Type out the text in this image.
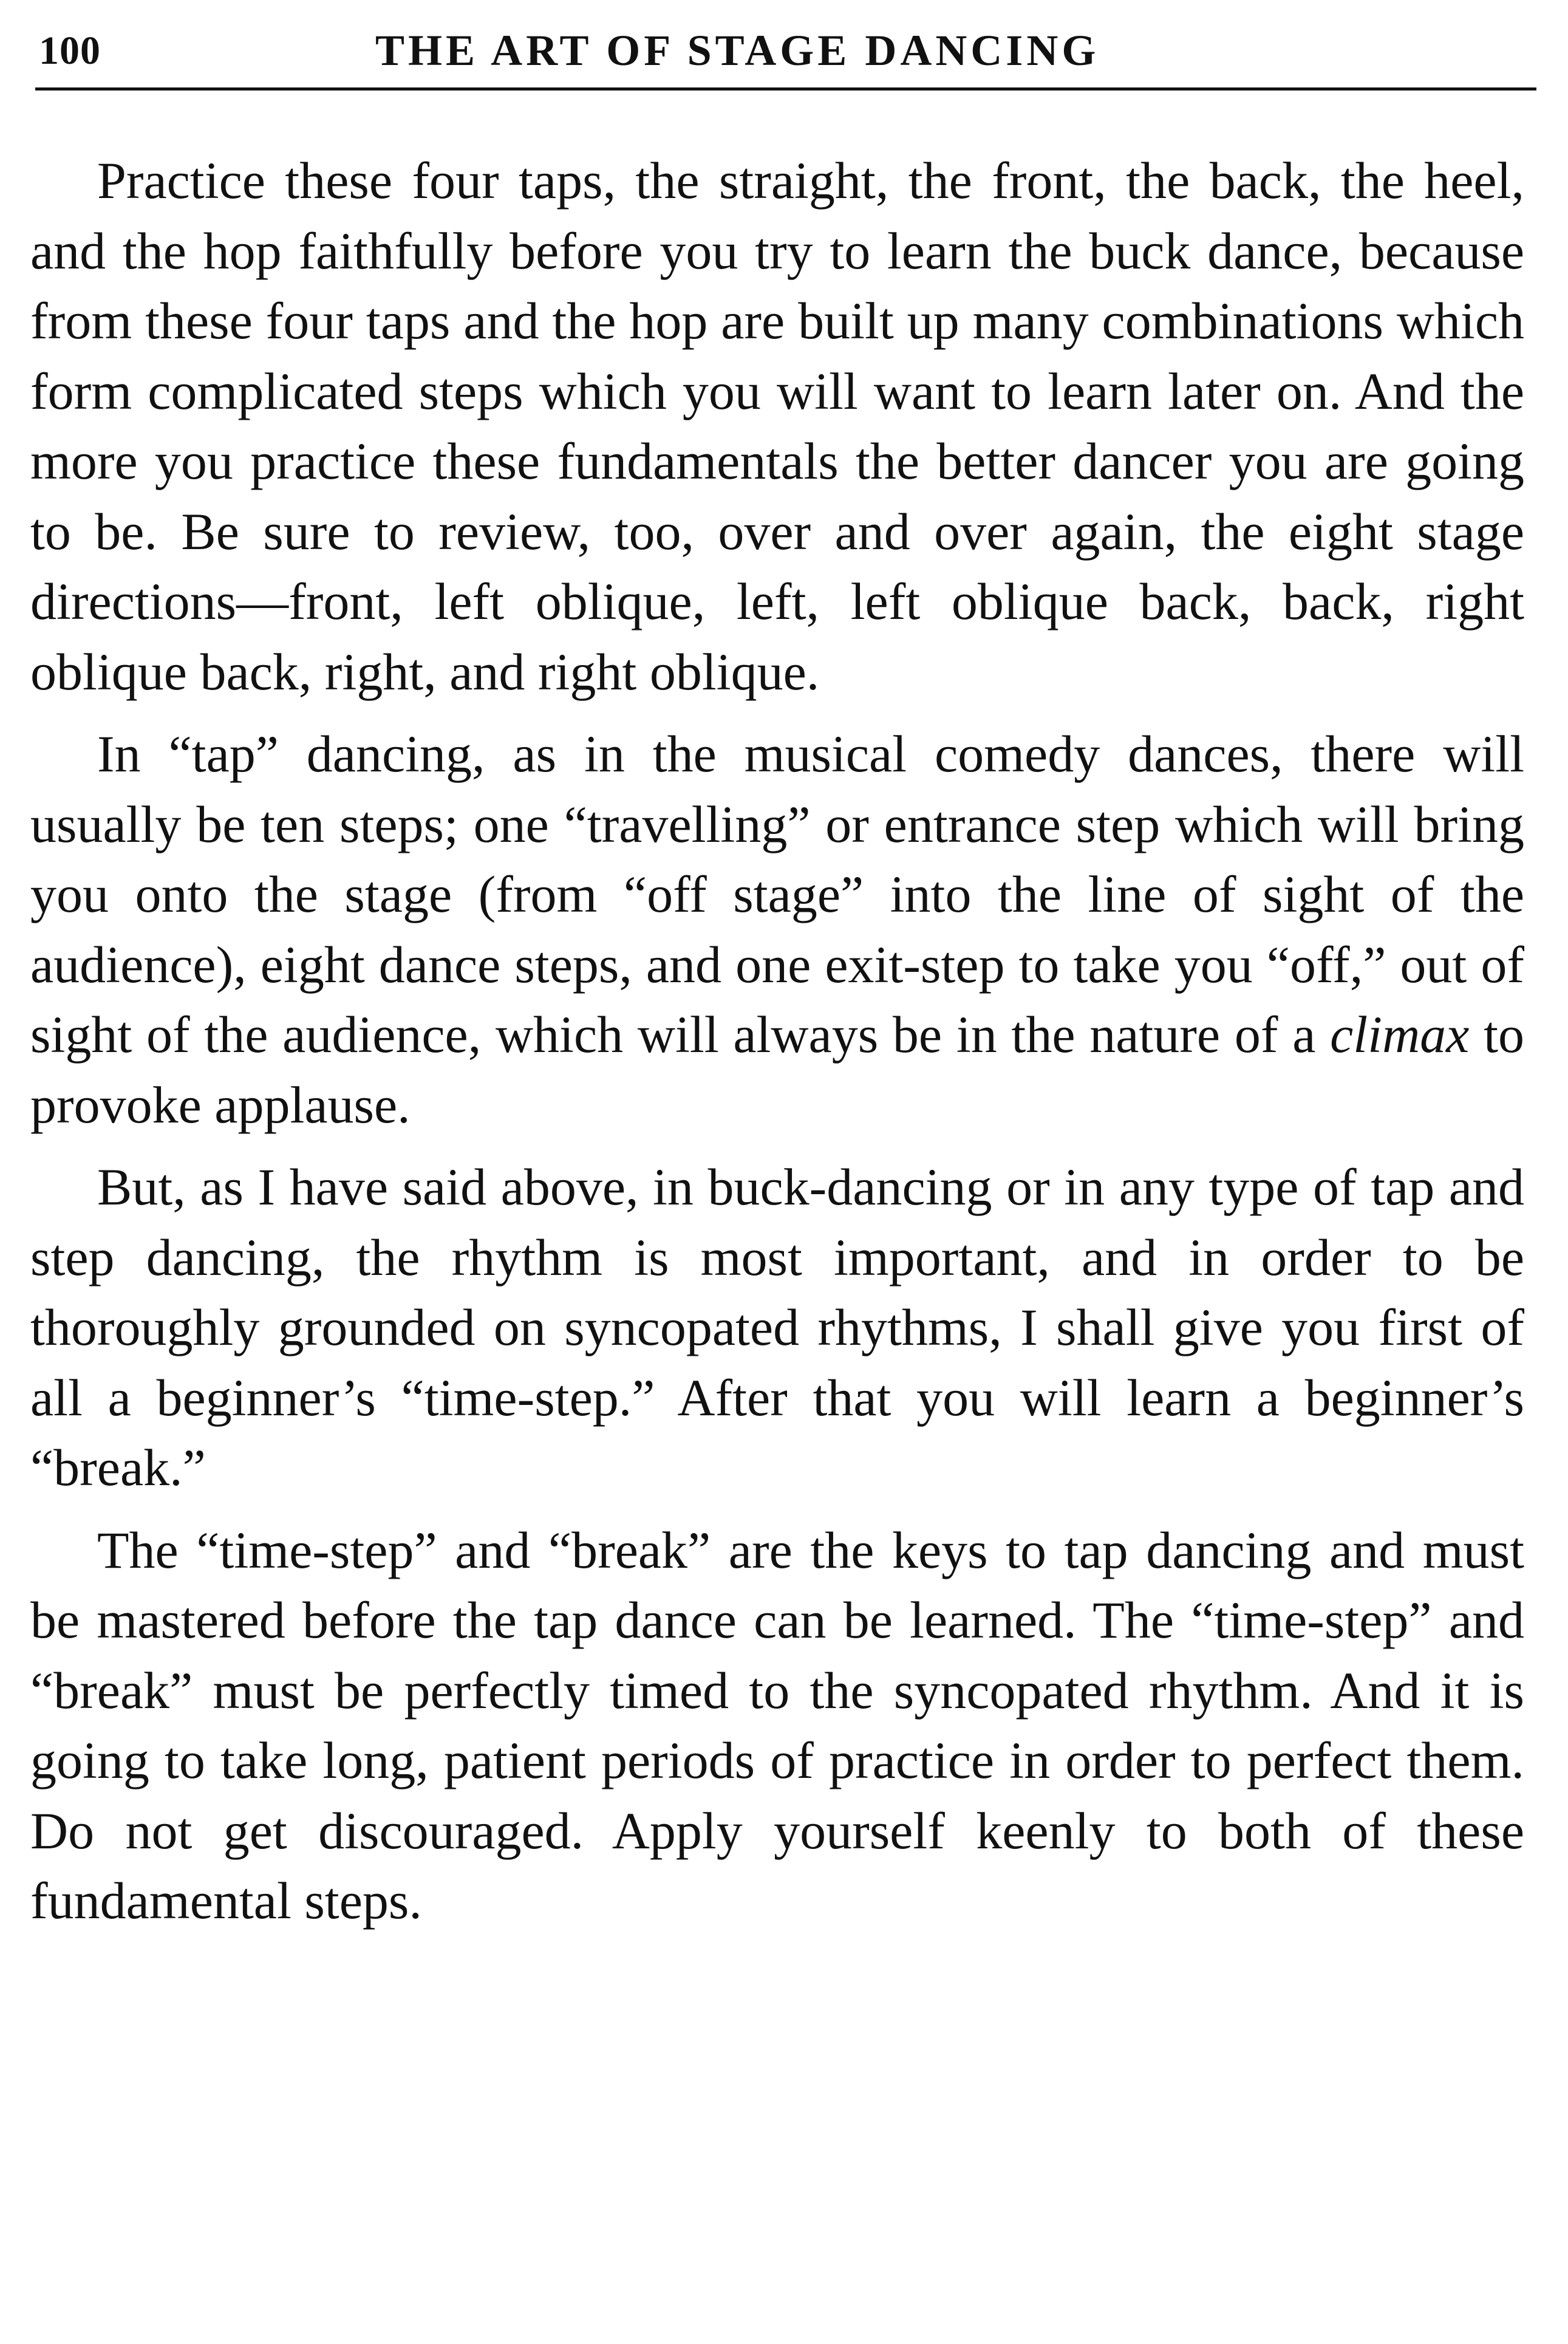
100	THE ART OF STAGE DANCING

Practice these four taps, the straight, the front, the back, the heel, and the hop faithfully before you try to learn the buck dance, because from these four taps and the hop are built up many combinations which form complicated steps which you will want to learn later on. And the more you practice these fundamentals the better dancer you are going to be. Be sure to review, too, over and over again, the eight stage directions—front, left oblique, left, left oblique back, back, right oblique back, right, and right oblique.

In “tap” dancing, as in the musical comedy dances, there will usually be ten steps; one “travelling” or entrance step which will bring you onto the stage (from “off stage” into the line of sight of the audience), eight dance steps, and one exit-step to take you “off,” out of sight of the audience, which will always be in the nature of a climax to provoke applause.

But, as I have said above, in buck-dancing or in any type of tap and step dancing, the rhythm is most important, and in order to be thoroughly grounded on syncopated rhythms, I shall give you first of all a beginner’s “time-step.” After that you will learn a beginner’s “break.”

The “time-step” and “break” are the keys to tap dancing and must be mastered before the tap dance can be learned. The “time-step” and “break” must be perfectly timed to the syncopated rhythm. And it is going to take long, patient periods of practice in order to perfect them. Do not get discouraged. Apply yourself keenly to both of these fundamental steps.
